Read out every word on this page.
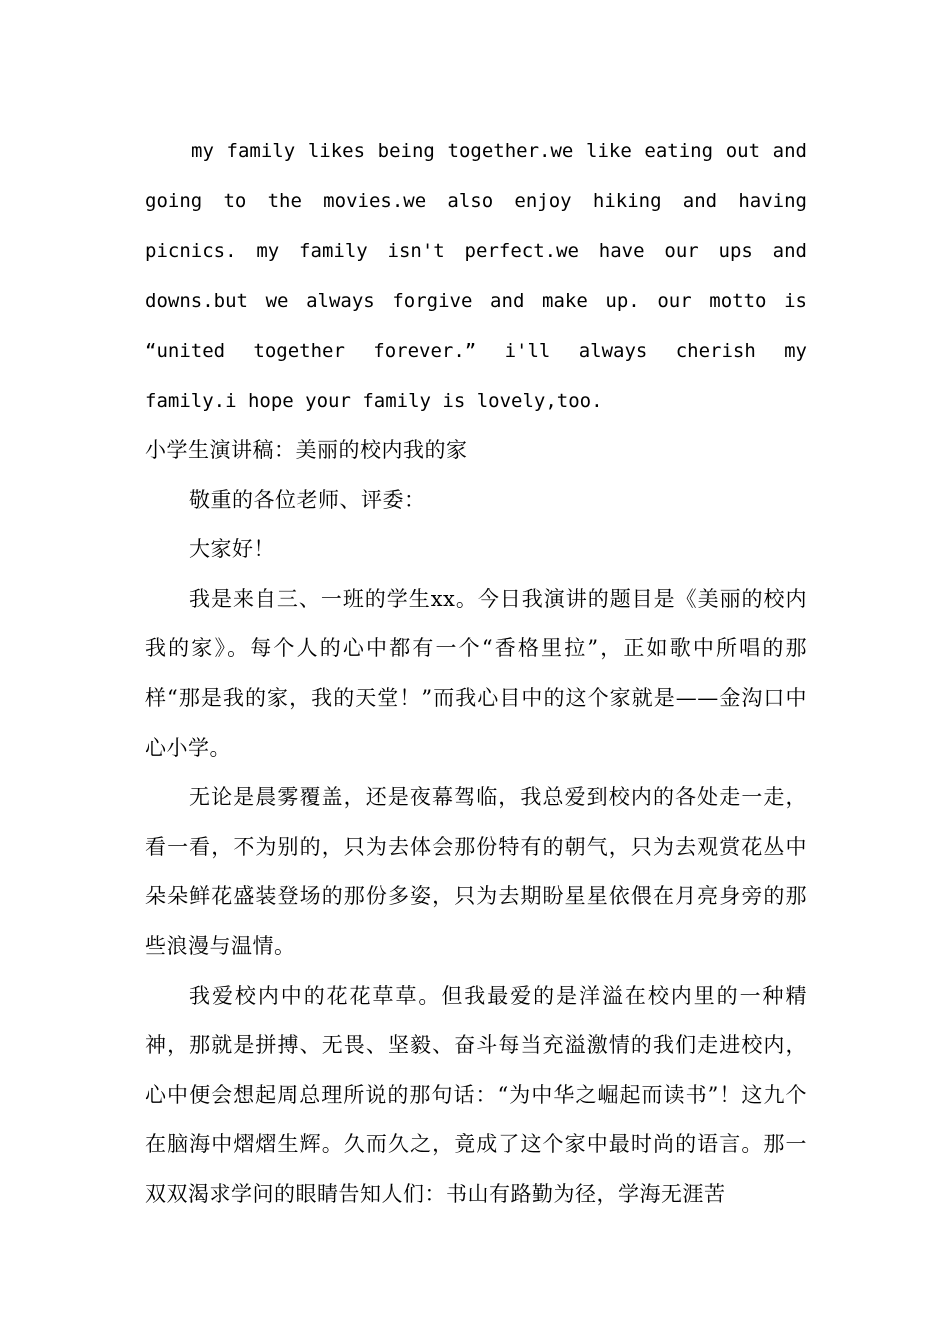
my family likes being together.we like eating out and going to the movies.we also enjoy hiking and having picnics. my family isn't perfect.we have our ups and downs.but we always forgive and make up. our motto is “united together forever.” i'll always cherish my family.i hope your family is lovely,too.

小学生演讲稿：美丽的校内我的家

敬重的各位老师、评委：

大家好！

我是来自三、一班的学生xx。今日我演讲的题目是《美丽的校内我的家》。每个人的心中都有一个“香格里拉”，正如歌中所唱的那样“那是我的家，我的天堂！”而我心目中的这个家就是——金沟口中心小学。

无论是晨雾覆盖，还是夜幕驾临，我总爱到校内的各处走一走，看一看，不为别的，只为去体会那份特有的朝气，只为去观赏花丛中朵朵鲜花盛装登场的那份多姿，只为去期盼星星依偎在月亮身旁的那些浪漫与温情。

我爱校内中的花花草草。但我最爱的是洋溢在校内里的一种精神，那就是拼搏、无畏、坚毅、奋斗每当充溢激情的我们走进校内，心中便会想起周总理所说的那句话：“为中华之崛起而读书”！这九个在脑海中熠熠生辉。久而久之，竟成了这个家中最时尚的语言。那一双双渴求学问的眼睛告知人们：书山有路勤为径，学海无涯苦
